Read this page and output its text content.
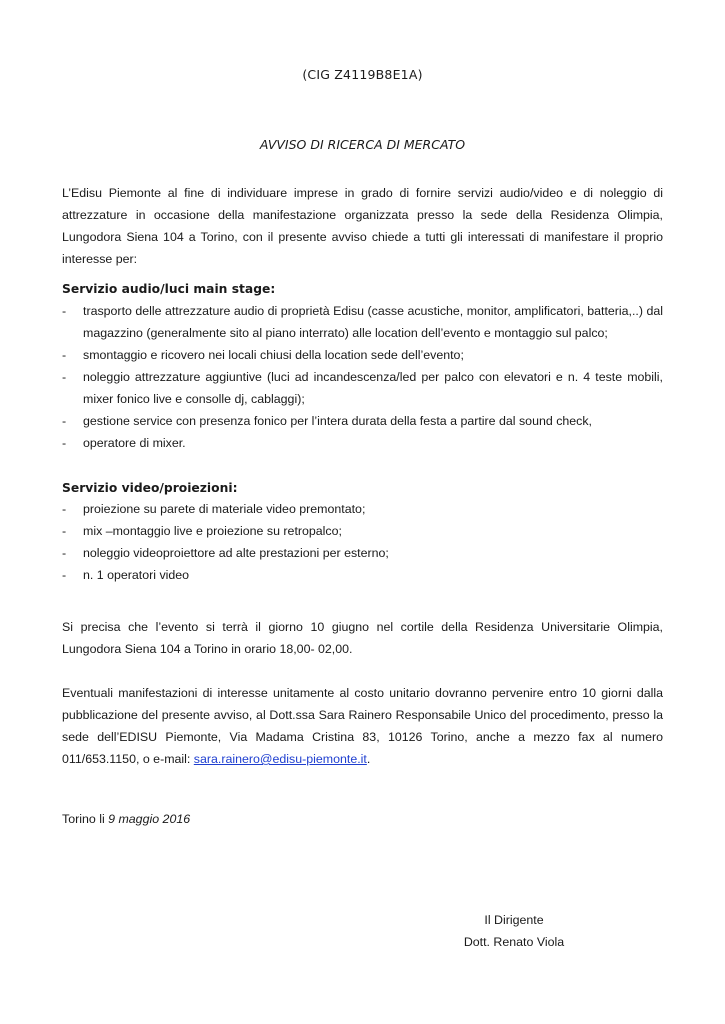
(CIG Z4119B8E1A)
AVVISO DI RICERCA DI MERCATO
L’Edisu Piemonte al fine di individuare imprese in grado di fornire servizi audio/video e di noleggio di attrezzature in occasione della manifestazione organizzata presso la sede della Residenza Olimpia, Lungodora Siena 104 a Torino, con il presente avviso chiede a tutti gli interessati di manifestare il proprio interesse per:
Servizio audio/luci main stage:
- trasporto delle attrezzature audio di proprietà Edisu (casse acustiche, monitor, amplificatori, batteria,..) dal magazzino (generalmente sito al piano interrato) alle location dell’evento e montaggio sul palco;
- smontaggio e ricovero nei locali chiusi della location sede dell’evento;
- noleggio attrezzature aggiuntive (luci ad incandescenza/led per palco con elevatori e n. 4 teste mobili, mixer fonico live e consolle dj, cablaggi);
- gestione service con presenza fonico per l’intera durata della festa a partire dal sound check,
- operatore di mixer.
Servizio video/proiezioni:
- proiezione su parete di materiale video premontato;
- mix –montaggio live e proiezione su retropalco;
- noleggio videoproiettore ad alte prestazioni per esterno;
- n. 1 operatori video
Si precisa che l’evento si terrà il giorno 10 giugno nel cortile della Residenza Universitarie Olimpia, Lungodora Siena 104 a Torino in orario 18,00- 02,00.
Eventuali manifestazioni di interesse unitamente al costo unitario dovranno pervenire entro 10 giorni dalla pubblicazione del presente avviso, al Dott.ssa Sara Rainero Responsabile Unico del procedimento, presso la sede dell’EDISU Piemonte, Via Madama Cristina 83, 10126 Torino, anche a mezzo fax al numero 011/653.1150, o e-mail: sara.rainero@edisu-piemonte.it.
Torino li 9 maggio 2016
Il Dirigente
Dott. Renato Viola
